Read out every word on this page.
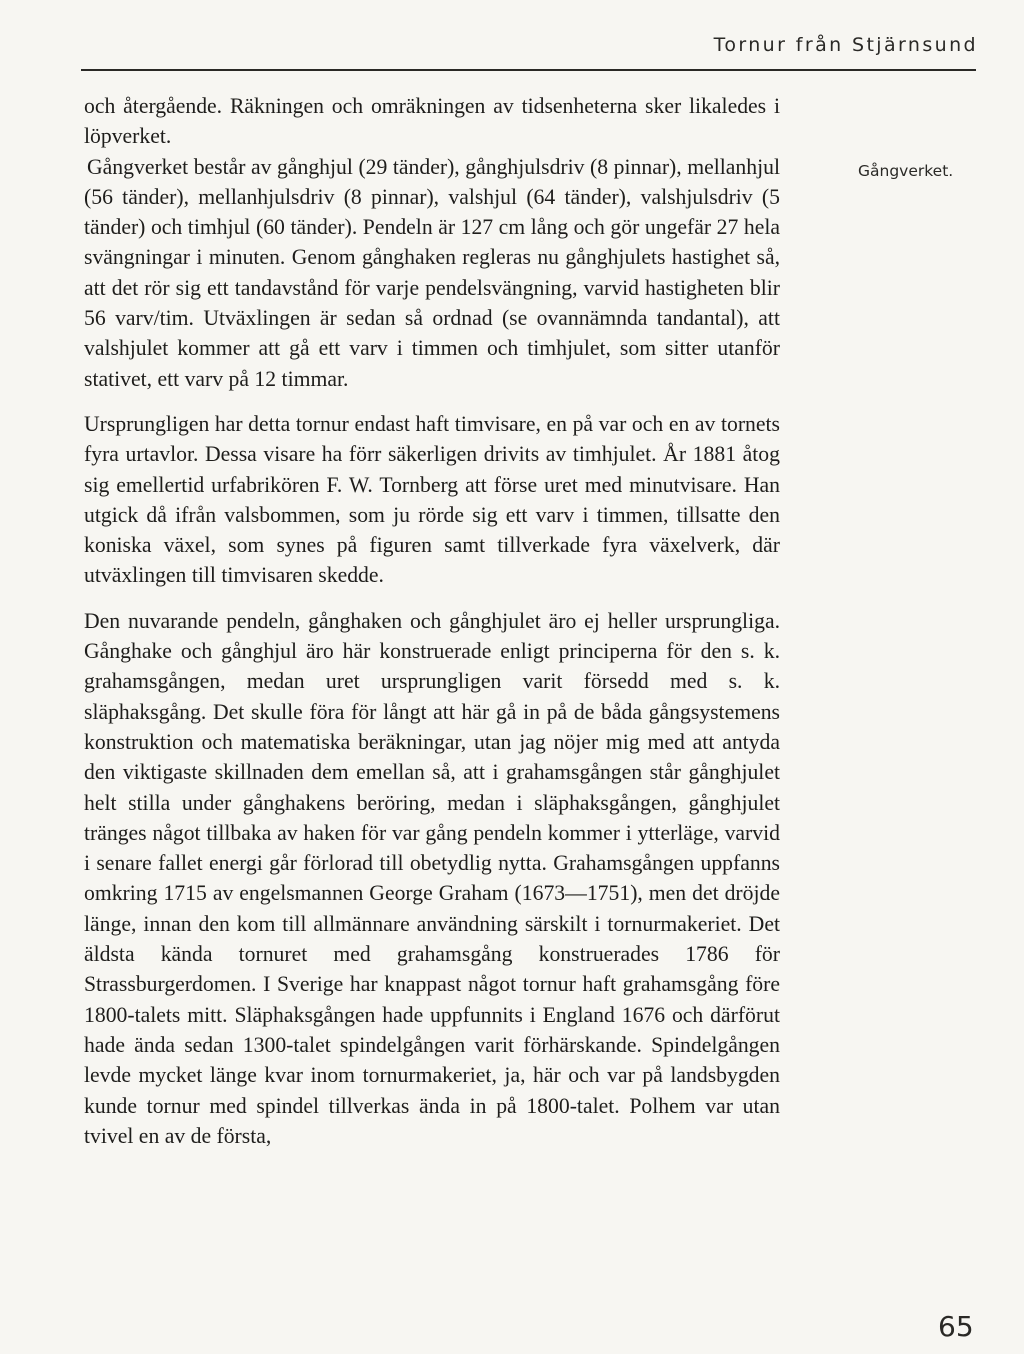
Tornur från Stjärnsund

och återgående. Räkningen och omräkningen av tidsenheterna sker likaledes i löpverket.

Gångverket består av gånghjul (29 tänder), gånghjulsdriv (8 pinnar), mellanhjul (56 tänder), mellanhjulsdriv (8 pinnar), valshjul (64 tänder), valshjulsdriv (5 tänder) och timhjul (60 tänder). Pendeln är 127 cm lång och gör ungefär 27 hela svängningar i minuten. Genom gånghaken regleras nu gånghjulets hastighet så, att det rör sig ett tandavstånd för varje pendelsvängning, varvid hastigheten blir 56 varv/tim. Utväxlingen är sedan så ordnad (se ovannämnda tandantal), att valshjulet kommer att gå ett varv i timmen och timhjulet, som sitter utanför stativet, ett varv på 12 timmar.

Ursprungligen har detta tornur endast haft timvisare, en på var och en av tornets fyra urtavlor. Dessa visare ha förr säkerligen drivits av timhjulet. År 1881 åtog sig emellertid urfabrikören F. W. Tornberg att förse uret med minutvisare. Han utgick då ifrån valsbommen, som ju rörde sig ett varv i timmen, tillsatte den koniska växel, som synes på figuren samt tillverkade fyra växelverk, där utväxlingen till timvisaren skedde.

Den nuvarande pendeln, gånghaken och gånghjulet äro ej heller ursprungliga. Gånghake och gånghjul äro här konstruerade enligt principerna för den s. k. grahamsgången, medan uret ursprungligen varit försedd med s. k. släphaksgång. Det skulle föra för långt att här gå in på de båda gångsystemens konstruktion och matematiska beräkningar, utan jag nöjer mig med att antyda den viktigaste skillnaden dem emellan så, att i grahamsgången står gånghjulet helt stilla under gånghakens beröring, medan i släphaksgången, gånghjulet tränges något tillbaka av haken för var gång pendeln kommer i ytterläge, varvid i senare fallet energi går förlorad till obetydlig nytta. Grahamsgången uppfanns omkring 1715 av engelsmannen George Graham (1673—1751), men det dröjde länge, innan den kom till allmännare användning särskilt i tornurmakeriet. Det äldsta kända tornuret med grahamsgång konstruerades 1786 för Strassburgerdomen. I Sverige har knappast något tornur haft grahamsgång före 1800-talets mitt. Släphaksgången hade uppfunnits i England 1676 och därförut hade ända sedan 1300-talet spindelgången varit förhärskande. Spindelgången levde mycket länge kvar inom tornurmakeriet, ja, här och var på landsbygden kunde tornur med spindel tillverkas ända in på 1800-talet. Polhem var utan tvivel en av de första,

Gångverket.
65
